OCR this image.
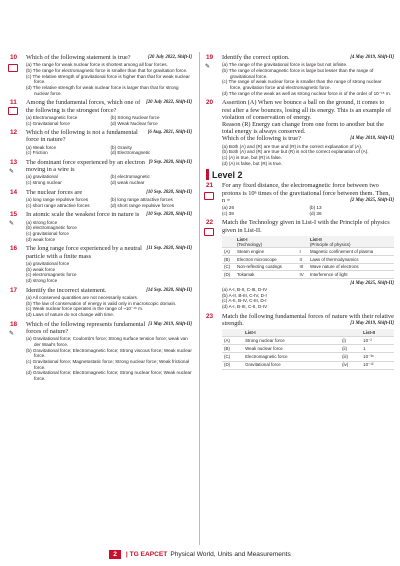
10	[20 July 2022, Shift-I]
Which of the following statement is true?
(a) The range for weak nuclear force is shortest among all four forces.
(b) The range for electromagnetic force is smaller than that for gravitation force.
(c) The relative strength of gravitational force is higher than that for weak nuclear force.
(d) The relative strength for weak nuclear force is larger than that for strong nuclear force.
11	[20 July 2022, Shift-II]
Among the fundamental forces, which one of the following is the strongest force?
(a) Electromagnetic force	(b) Strong Nuclear force
(c) Gravitational force	(d) Weak Nuclear force
12	[6 Aug. 2021, Shift-II]
Which of the following is not a fundamental force in nature?
(a) Weak force	(b) Gravity
(c) Friction	(d) Electromagnetic
13
✎
[9 Sep. 2020, Shift-II]
The dominant force experienced by an electron moving in a wire is
(a) gravitational	(b) electromagnetic
(c) strong nuclear	(d) weak nuclear
14	[10 Sep. 2020, Shift-II]
The nuclear forces are
(a) long range repulsive forces	(b) long range attractive forces
(c) short range attractive forces	(d) short range repulsive forces
15
✎
[10 Sep. 2020, Shift-II]
In atomic scale the weakest force in nature is
(a) strong force
(b) electromagnetic force
(c) gravitational force
(d) weak force
16	[11 Sep. 2020, Shift-II]
The long range force experienced by a neutral particle with a finite mass
(a) gravitational force
(b) weak force
(c) electromagnetic force
(d) strong force
17	[14 Sep. 2020, Shift-II]
Identify the incorrect statement.
(a) All conserved quantities are not necessarily scalars.
(b) The law of conservation of energy is valid only in macroscopic domain.
(c) Weak nuclear force operates in the range of ~10⁻¹⁶ m.
(d) Laws of nature do not change with time.
18
✎
[3 May 2019, Shift-II]
Which of the following represents fundamental forces of nature?
(a) Gravitational force; Coulomb's force; Strong surface tension force; weak van der Waal's force.
(b) Gravitational force; Electromagnetic force; Strong viscous force; Weak nuclear force.
(c) Gravitational force; Magnetostatic force; Strong nuclear force; Weak frictional force.
(d) Gravitational force; Electromagnetic force; Strong nuclear force; Weak nuclear force.
19
✎
[4 May 2019, Shift-II]
Identify the correct option.
(a) The range of the gravitational force is large but not infinite.
(b) The range of electromagnetic force is large but lesser than the range of gravitational force.
(c) The range of weak nuclear force is smaller than the range of strong nuclear force, gravitation force and electromagnetic force.
(d) The range of the weak as well as strong nuclear force is of the order of 10⁻¹⁵ m.
20 Assertion (A) When we bounce a ball on the ground, it comes to rest after a few bounces, losing all its energy. This is an example of violation of conservation of energy.
Reason (R) Energy can change from one form to another but the total energy is always conserved.
[4 May 2018, Shift-II]
Which of the following is true?
(a) Both (A) and (R) are true and (R) is the correct explanation of (A).
(b) Both (A) and (R) are true but (R) is not the correct explanation of (A).
(c) (A) is true, but (R) is false.
(d) (A) is false, but (R) is true.
Level 2
21 For any fixed distance, the electromagnetic force between two protons is 10ⁿ times of the gravitational force between them. Then, n =	[2 May 2025, Shift-II]
(a) 26	(b) 13
(c) 39	(d) 36
22 Match the Technology given in List-I with the Principle of physics given in List-II.
	List-I
(Technology)		List-II
(Principle of physics)
(A)	Steam engine	I	Magnetic confinement of plasma
(B)	Electron microscope	II	Laws of thermodynamics
(C)	Non-reflecting coatings	III	Wave nature of electrons
(D)	Tokamak	IV	Interference of light
[4 May 2025, Shift-II]
(a) A-I, B-II, C-III, D-IV
(b) A-II, B-III, C-IV, D-I
(c) A-II, B-IV, C-III, D-I
(d) A-I, B-III, C-II, D-IV
23 Match the following fundamental forces of nature with their relative strength.	[3 May 2019, Shift-II]
	List-I		List-II
(A)	Strong nuclear force	(i)	10⁻²
(B)	Weak nuclear force	(ii)	1
(C)	Electromagnetic force	(iii)	10⁻³⁸
(D)	Gravitational force	(iv)	10⁻¹³
2	| TG EAPCET Physical World, Units and Measurements
